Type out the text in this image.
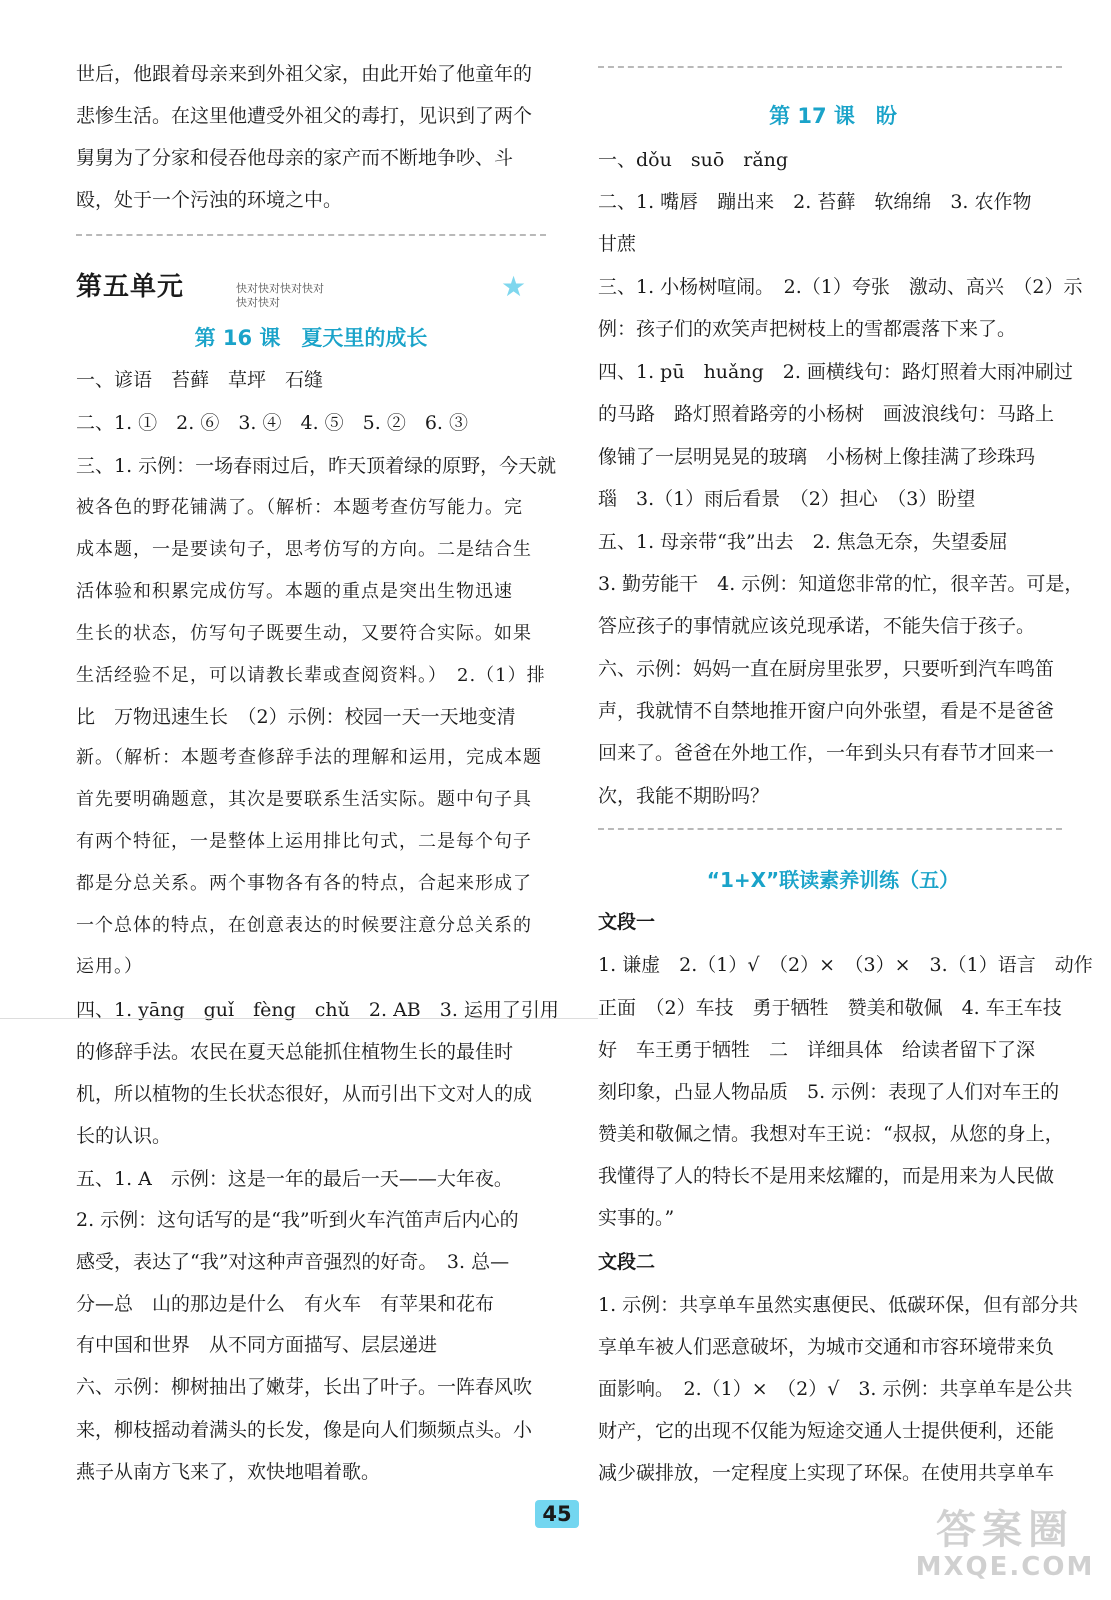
世后，他跟着母亲来到外祖父家，由此开始了他童年的
悲惨生活。在这里他遭受外祖父的毒打，见识到了两个
舅舅为了分家和侵吞他母亲的家产而不断地争吵、斗
殴，处于一个污浊的环境之中。
第五单元	快对快对快对快对快对快对	★
第 16 课　夏天里的成长
一、谚语　苔藓　草坪　石缝
二、1. ①　2. ⑥　3. ④　4. ⑤　5. ②　6. ③
三、1. 示例：一场春雨过后，昨天顶着绿的原野，今天就
被各色的野花铺满了。（解析：本题考查仿写能力。完
成本题，一是要读句子，思考仿写的方向。二是结合生
活体验和积累完成仿写。本题的重点是突出生物迅速
生长的状态，仿写句子既要生动，又要符合实际。如果
生活经验不足，可以请教长辈或查阅资料。）　2.（1）排
比　万物迅速生长　（2）示例：校园一天一天地变清
新。（解析：本题考查修辞手法的理解和运用，完成本题
首先要明确题意，其次是要联系生活实际。题中句子具
有两个特征，一是整体上运用排比句式，二是每个句子
都是分总关系。两个事物各有各的特点，合起来形成了
一个总体的特点，在创意表达的时候要注意分总关系的
运用。）
四、1. yāng　guǐ　fèng　chǔ　2. AB　3. 运用了引用
的修辞手法。农民在夏天总能抓住植物生长的最佳时
机，所以植物的生长状态很好，从而引出下文对人的成
长的认识。
五、1. A　示例：这是一年的最后一天——大年夜。
2. 示例：这句话写的是“我”听到火车汽笛声后内心的
感受，表达了“我”对这种声音强烈的好奇。　3. 总—
分—总　山的那边是什么　有火车　有苹果和花布
有中国和世界　从不同方面描写、层层递进
六、示例：柳树抽出了嫩芽，长出了叶子。一阵春风吹
来，柳枝摇动着满头的长发，像是向人们频频点头。小
燕子从南方飞来了，欢快地唱着歌。
第 17 课　盼
一、dǒu　suō　rǎng
二、1. 嘴唇　蹦出来　2. 苔藓　软绵绵　3. 农作物
甘蔗
三、1. 小杨树喧闹。　2.（1）夸张　激动、高兴　（2）示
例：孩子们的欢笑声把树枝上的雪都震落下来了。
四、1. pū　huǎng　2. 画横线句：路灯照着大雨冲刷过
的马路　路灯照着路旁的小杨树　画波浪线句：马路上
像铺了一层明晃晃的玻璃　小杨树上像挂满了珍珠玛
瑙　3.（1）雨后看景　（2）担心　（3）盼望
五、1. 母亲带“我”出去　2. 焦急无奈，失望委屈
3. 勤劳能干　4. 示例：知道您非常的忙，很辛苦。可是，
答应孩子的事情就应该兑现承诺，不能失信于孩子。
六、示例：妈妈一直在厨房里张罗，只要听到汽车鸣笛
声，我就情不自禁地推开窗户向外张望，看是不是爸爸
回来了。爸爸在外地工作，一年到头只有春节才回来一
次，我能不期盼吗？
“1+X”联读素养训练（五）
文段一
1. 谦虚　2.（1）√　（2）×　（3）×　3.（1）语言　动作
正面　（2）车技　勇于牺牲　赞美和敬佩　4. 车王车技
好　车王勇于牺牲　二　详细具体　给读者留下了深
刻印象，凸显人物品质　5. 示例：表现了人们对车王的
赞美和敬佩之情。我想对车王说：“叔叔，从您的身上，
我懂得了人的特长不是用来炫耀的，而是用来为人民做
实事的。”
文段二
1. 示例：共享单车虽然实惠便民、低碳环保，但有部分共
享单车被人们恶意破坏，为城市交通和市容环境带来负
面影响。　2.（1）×　（2）√　3. 示例：共享单车是公共
财产，它的出现不仅能为短途交通人士提供便利，还能
减少碳排放，一定程度上实现了环保。在使用共享单车
45	答案圈
MXQE.COM
